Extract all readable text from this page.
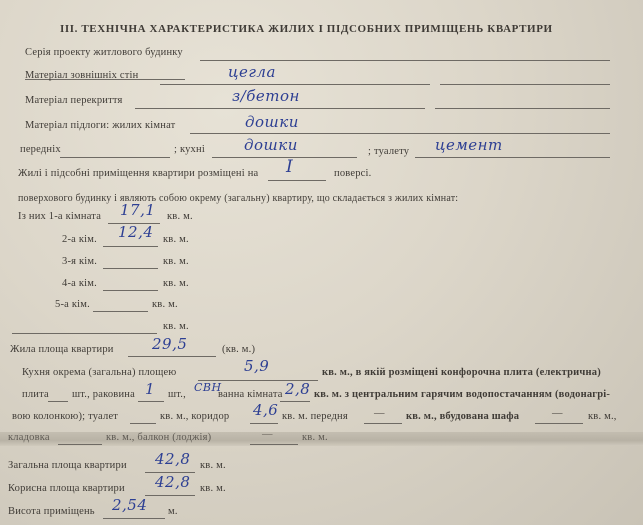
III. ТЕХНІЧНА ХАРАКТЕРИСТИКА ЖИЛИХ І ПІДСОБНИХ ПРИМІЩЕНЬ КВАРТИРИ
Серія проекту житлового будинку
Матеріал зовнішніх стін	цегла
Матеріал перекриття	з/бетон
Матеріал підлоги: жилих кімнат	дошки
передніх	; кухні	дошки	; туалету цемент
Жилі і підсобні приміщення квартири розміщені на I	поверсі.
поверхового будинку і являють собою окрему (загальну) квартиру, що складається з жилих кімнат:
Із них 1-а кімната 17,1 кв. м.
2-а кім. 12,4 кв. м.
3-я кім.	кв. м.
4-а кім.	кв. м.
5-а кім.	кв. м.
кв. м.
Жила площа квартири	29,5	(кв. м.)
Кухня окрема (загальна) площею	5,9	кв. м., в якій розміщені конфорочна плита (електрична)
плита шт., раковина 1 шт.,
СВН
ванна кімната 2,8 кв. м. з центральним гарячим водопостачанням (водонагрі-
вою колонкою); туалет	кв. м., коридор 4,6 кв. м. передня — кв. м., вбудована шафа	— кв. м.,
кладовка	кв. м., балкон (лоджія)	—	кв. м.
Загальна площа квартири 42,8 кв. м.
Корисна площа квартири 42,8 кв. м.
Висота приміщень 2,54 м.
